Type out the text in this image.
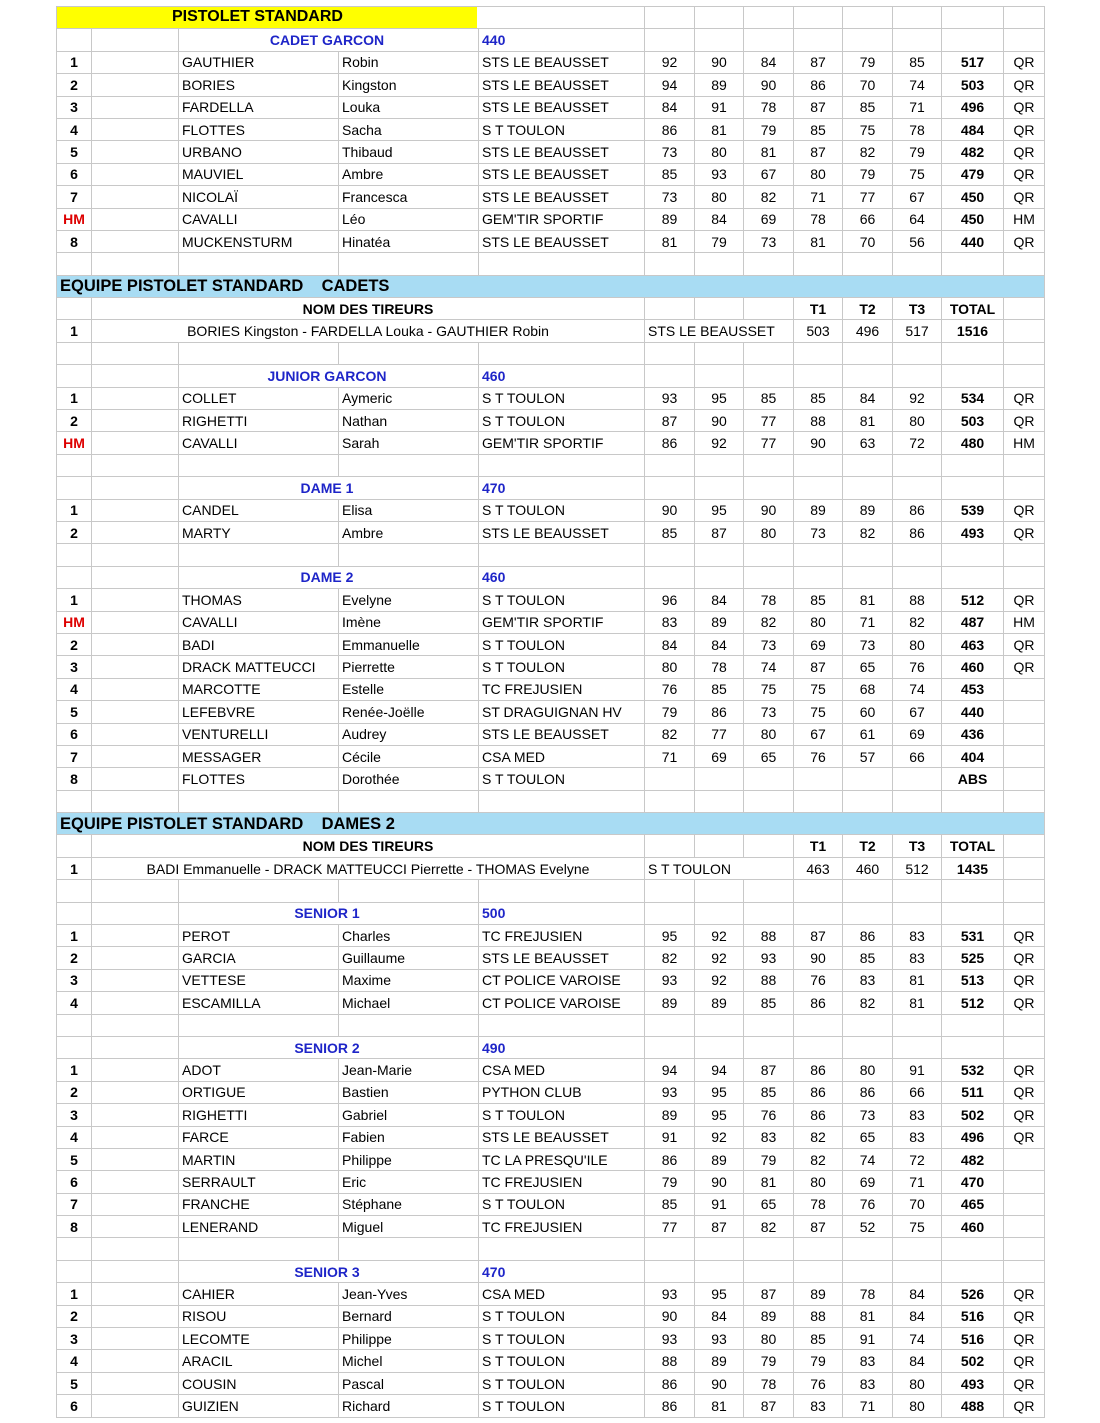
PISTOLET STANDARD												

		CADET GARCON		440								
1		GAUTHIER	Robin	STS LE BEAUSSET	92	90	84	87	79	85	517	QR
2		BORIES	Kingston	STS LE BEAUSSET	94	89	90	86	70	74	503	QR
3		FARDELLA	Louka	STS LE BEAUSSET	84	91	78	87	85	71	496	QR
4		FLOTTES	Sacha	S T TOULON	86	81	79	85	75	78	484	QR
5		URBANO	Thibaud	STS LE BEAUSSET	73	80	81	87	82	79	482	QR
6		MAUVIEL	Ambre	STS LE BEAUSSET	85	93	67	80	79	75	479	QR
7		NICOLAÏ	Francesca	STS LE BEAUSSET	73	80	82	71	77	67	450	QR
HM		CAVALLI	Léo	GEM'TIR SPORTIF	89	84	69	78	66	64	450	HM
8		MUCKENSTURM	Hinatéa	STS LE BEAUSSET	81	79	73	81	70	56	440	QR

EQUIPE PISTOLET STANDARD    CADETS												
	NOM DES TIREURS							T1	T2	T3	TOTAL	
1	BORIES Kingston - FARDELLA Louka - GAUTHIER Robin				STS LE BEAUSSET			503	496	517	1516	

		JUNIOR GARCON		460								
1		COLLET	Aymeric	S T TOULON	93	95	85	85	84	92	534	QR
2		RIGHETTI	Nathan	S T TOULON	87	90	77	88	81	80	503	QR
HM		CAVALLI	Sarah	GEM'TIR SPORTIF	86	92	77	90	63	72	480	HM

		DAME 1		470								
1		CANDEL	Elisa	S T TOULON	90	95	90	89	89	86	539	QR
2		MARTY	Ambre	STS LE BEAUSSET	85	87	80	73	82	86	493	QR

		DAME 2		460								
1		THOMAS	Evelyne	S T TOULON	96	84	78	85	81	88	512	QR
HM		CAVALLI	Imène	GEM'TIR SPORTIF	83	89	82	80	71	82	487	HM
2		BADI	Emmanuelle	S T TOULON	84	84	73	69	73	80	463	QR
3		DRACK MATTEUCCI	Pierrette	S T TOULON	80	78	74	87	65	76	460	QR
4		MARCOTTE	Estelle	TC FREJUSIEN	76	85	75	75	68	74	453	
5		LEFEBVRE	Renée-Joëlle	ST DRAGUIGNAN HV	79	86	73	75	60	67	440	
6		VENTURELLI	Audrey	STS LE BEAUSSET	82	77	80	67	61	69	436	
7		MESSAGER	Cécile	CSA MED	71	69	65	76	57	66	404	
8		FLOTTES	Dorothée	S T TOULON							ABS	

EQUIPE PISTOLET STANDARD    DAMES 2												
	NOM DES TIREURS							T1	T2	T3	TOTAL	
1	BADI Emmanuelle - DRACK MATTEUCCI Pierrette - THOMAS Evelyne				S T TOULON			463	460	512	1435	

		SENIOR 1		500								
1		PEROT	Charles	TC FREJUSIEN	95	92	88	87	86	83	531	QR
2		GARCIA	Guillaume	STS LE BEAUSSET	82	92	93	90	85	83	525	QR
3		VETTESE	Maxime	CT POLICE VAROISE	93	92	88	76	83	81	513	QR
4		ESCAMILLA	Michael	CT POLICE VAROISE	89	89	85	86	82	81	512	QR

		SENIOR 2		490								
1		ADOT	Jean-Marie	CSA MED	94	94	87	86	80	91	532	QR
2		ORTIGUE	Bastien	PYTHON CLUB	93	95	85	86	86	66	511	QR
3		RIGHETTI	Gabriel	S T TOULON	89	95	76	86	73	83	502	QR
4		FARCE	Fabien	STS LE BEAUSSET	91	92	83	82	65	83	496	QR
5		MARTIN	Philippe	TC LA PRESQU'ILE	86	89	79	82	74	72	482	
6		SERRAULT	Eric	TC FREJUSIEN	79	90	81	80	69	71	470	
7		FRANCHE	Stéphane	S T TOULON	85	91	65	78	76	70	465	
8		LENERAND	Miguel	TC FREJUSIEN	77	87	82	87	52	75	460	

		SENIOR 3		470								
1		CAHIER	Jean-Yves	CSA MED	93	95	87	89	78	84	526	QR
2		RISOU	Bernard	S T TOULON	90	84	89	88	81	84	516	QR
3		LECOMTE	Philippe	S T TOULON	93	93	80	85	91	74	516	QR
4		ARACIL	Michel	S T TOULON	88	89	79	79	83	84	502	QR
5		COUSIN	Pascal	S T TOULON	86	90	78	76	83	80	493	QR
6		GUIZIEN	Richard	S T TOULON	86	81	87	83	71	80	488	QR
